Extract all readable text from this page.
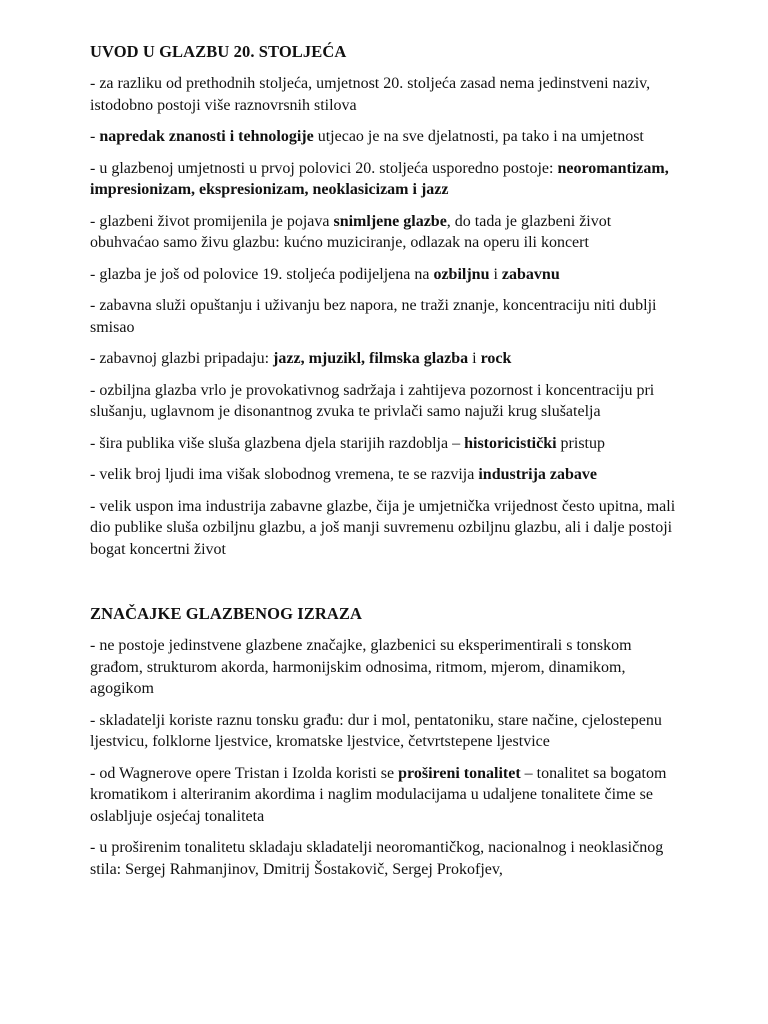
UVOD U GLAZBU 20. STOLJEĆA

- za razliku od prethodnih stoljeća, umjetnost 20. stoljeća zasad nema jedinstveni naziv, istodobno postoji više raznovrsnih stilova

- napredak znanosti i tehnologije utjecao je na sve djelatnosti, pa tako i na umjetnost

- u glazbenoj umjetnosti u prvoj polovici 20. stoljeća usporedno postoje: neoromantizam, impresionizam, ekspresionizam, neoklasicizam i jazz

- glazbeni život promijenila je pojava snimljene glazbe, do tada je glazbeni život obuhvaćao samo živu glazbu: kućno muziciranje, odlazak na operu ili koncert

- glazba je još od polovice 19. stoljeća podijeljena na ozbiljnu i zabavnu

- zabavna služi opuštanju i uživanju bez napora, ne traži znanje, koncentraciju niti dublji smisao

- zabavnoj glazbi pripadaju: jazz, mjuzikl, filmska glazba i rock

- ozbiljna glazba vrlo je provokativnog sadržaja i zahtijeva pozornost i koncentraciju pri slušanju, uglavnom je disonantnog zvuka te privlači samo najuži krug slušatelja

- šira publika više sluša glazbena djela starijih razdoblja – historicistički pristup

- velik broj ljudi ima višak slobodnog vremena, te se razvija industrija zabave

- velik uspon ima industrija zabavne glazbe, čija je umjetnička vrijednost često upitna, mali dio publike sluša ozbiljnu glazbu, a još manji suvremenu ozbiljnu glazbu, ali i dalje postoji bogat koncertni život

ZNAČAJKE GLAZBENOG IZRAZA

- ne postoje jedinstvene glazbene značajke, glazbenici su eksperimentirali s tonskom građom, strukturom akorda, harmonijskim odnosima, ritmom, mjerom, dinamikom, agogikom

- skladatelji koriste raznu tonsku građu: dur i mol, pentatoniku, stare načine, cjelostepenu ljestvicu, folklorne ljestvice, kromatske ljestvice, četvrtstepene ljestvice

- od Wagnerove opere Tristan i Izolda koristi se prošireni tonalitet – tonalitet sa bogatom kromatikom i alteriranim akordima i naglim modulacijama u udaljene tonalitete čime se oslabljuje osjećaj tonaliteta

- u proširenim tonalitetu skladaju skladatelji neoromantičkog, nacionalnog i neoklasičnog stila: Sergej Rahmanjinov, Dmitrij Šostakovič, Sergej Prokofjev,
